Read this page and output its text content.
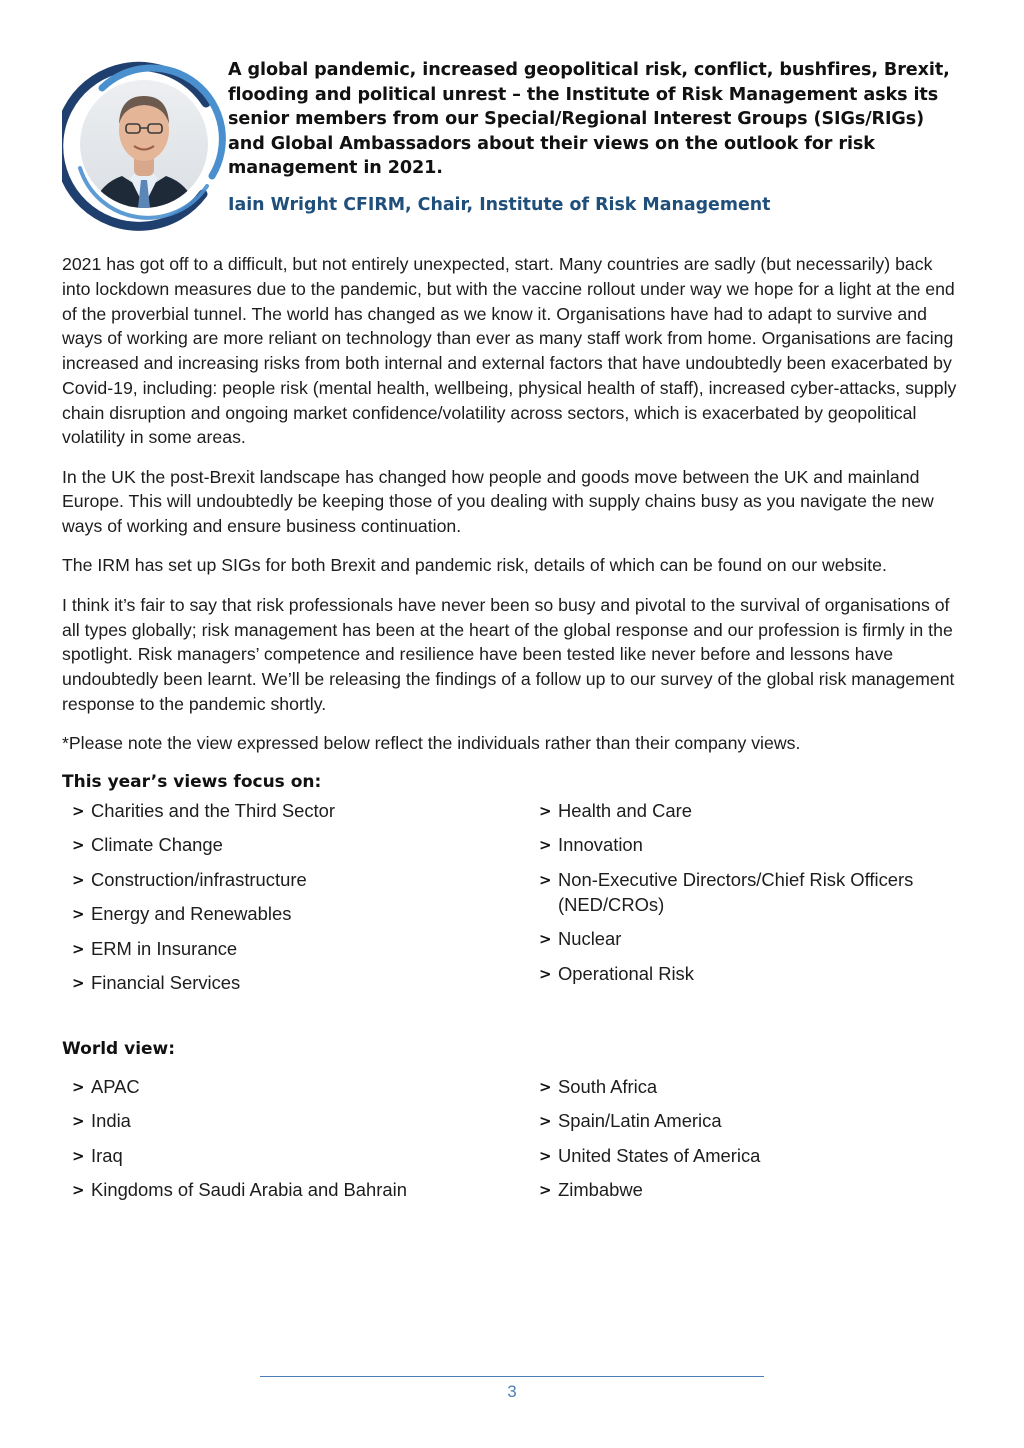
A global pandemic, increased geopolitical risk, conflict, bushfires, Brexit, flooding and political unrest – the Institute of Risk Management asks its senior members from our Special/Regional Interest Groups (SIGs/RIGs) and Global Ambassadors about their views on the outlook for risk management in 2021.

Iain Wright CFIRM, Chair, Institute of Risk Management

2021 has got off to a difficult, but not entirely unexpected, start. Many countries are sadly (but necessarily) back into lockdown measures due to the pandemic, but with the vaccine rollout under way we hope for a light at the end of the proverbial tunnel. The world has changed as we know it. Organisations have had to adapt to survive and ways of working are more reliant on technology than ever as many staff work from home. Organisations are facing increased and increasing risks from both internal and external factors that have undoubtedly been exacerbated by Covid-19, including: people risk (mental health, wellbeing, physical health of staff), increased cyber-attacks, supply chain disruption and ongoing market confidence/volatility across sectors, which is exacerbated by geopolitical volatility in some areas.

In the UK the post-Brexit landscape has changed how people and goods move between the UK and mainland Europe. This will undoubtedly be keeping those of you dealing with supply chains busy as you navigate the new ways of working and ensure business continuation.

The IRM has set up SIGs for both Brexit and pandemic risk, details of which can be found on our website.

I think it’s fair to say that risk professionals have never been so busy and pivotal to the survival of organisations of all types globally; risk management has been at the heart of the global response and our profession is firmly in the spotlight. Risk managers’ competence and resilience have been tested like never before and lessons have undoubtedly been learnt. We’ll be releasing the findings of a follow up to our survey of the global risk management response to the pandemic shortly.

*Please note the view expressed below reflect the individuals rather than their company views.

This year’s views focus on:
> Charities and the Third Sector
> Climate Change
> Construction/infrastructure
> Energy and Renewables
> ERM in Insurance
> Financial Services
> Health and Care
> Innovation
> Non-Executive Directors/Chief Risk Officers (NED/CROs)
> Nuclear
> Operational Risk
World view:
> APAC
> India
> Iraq
> Kingdoms of Saudi Arabia and Bahrain
> South Africa
> Spain/Latin America
> United States of America
> Zimbabwe
3
